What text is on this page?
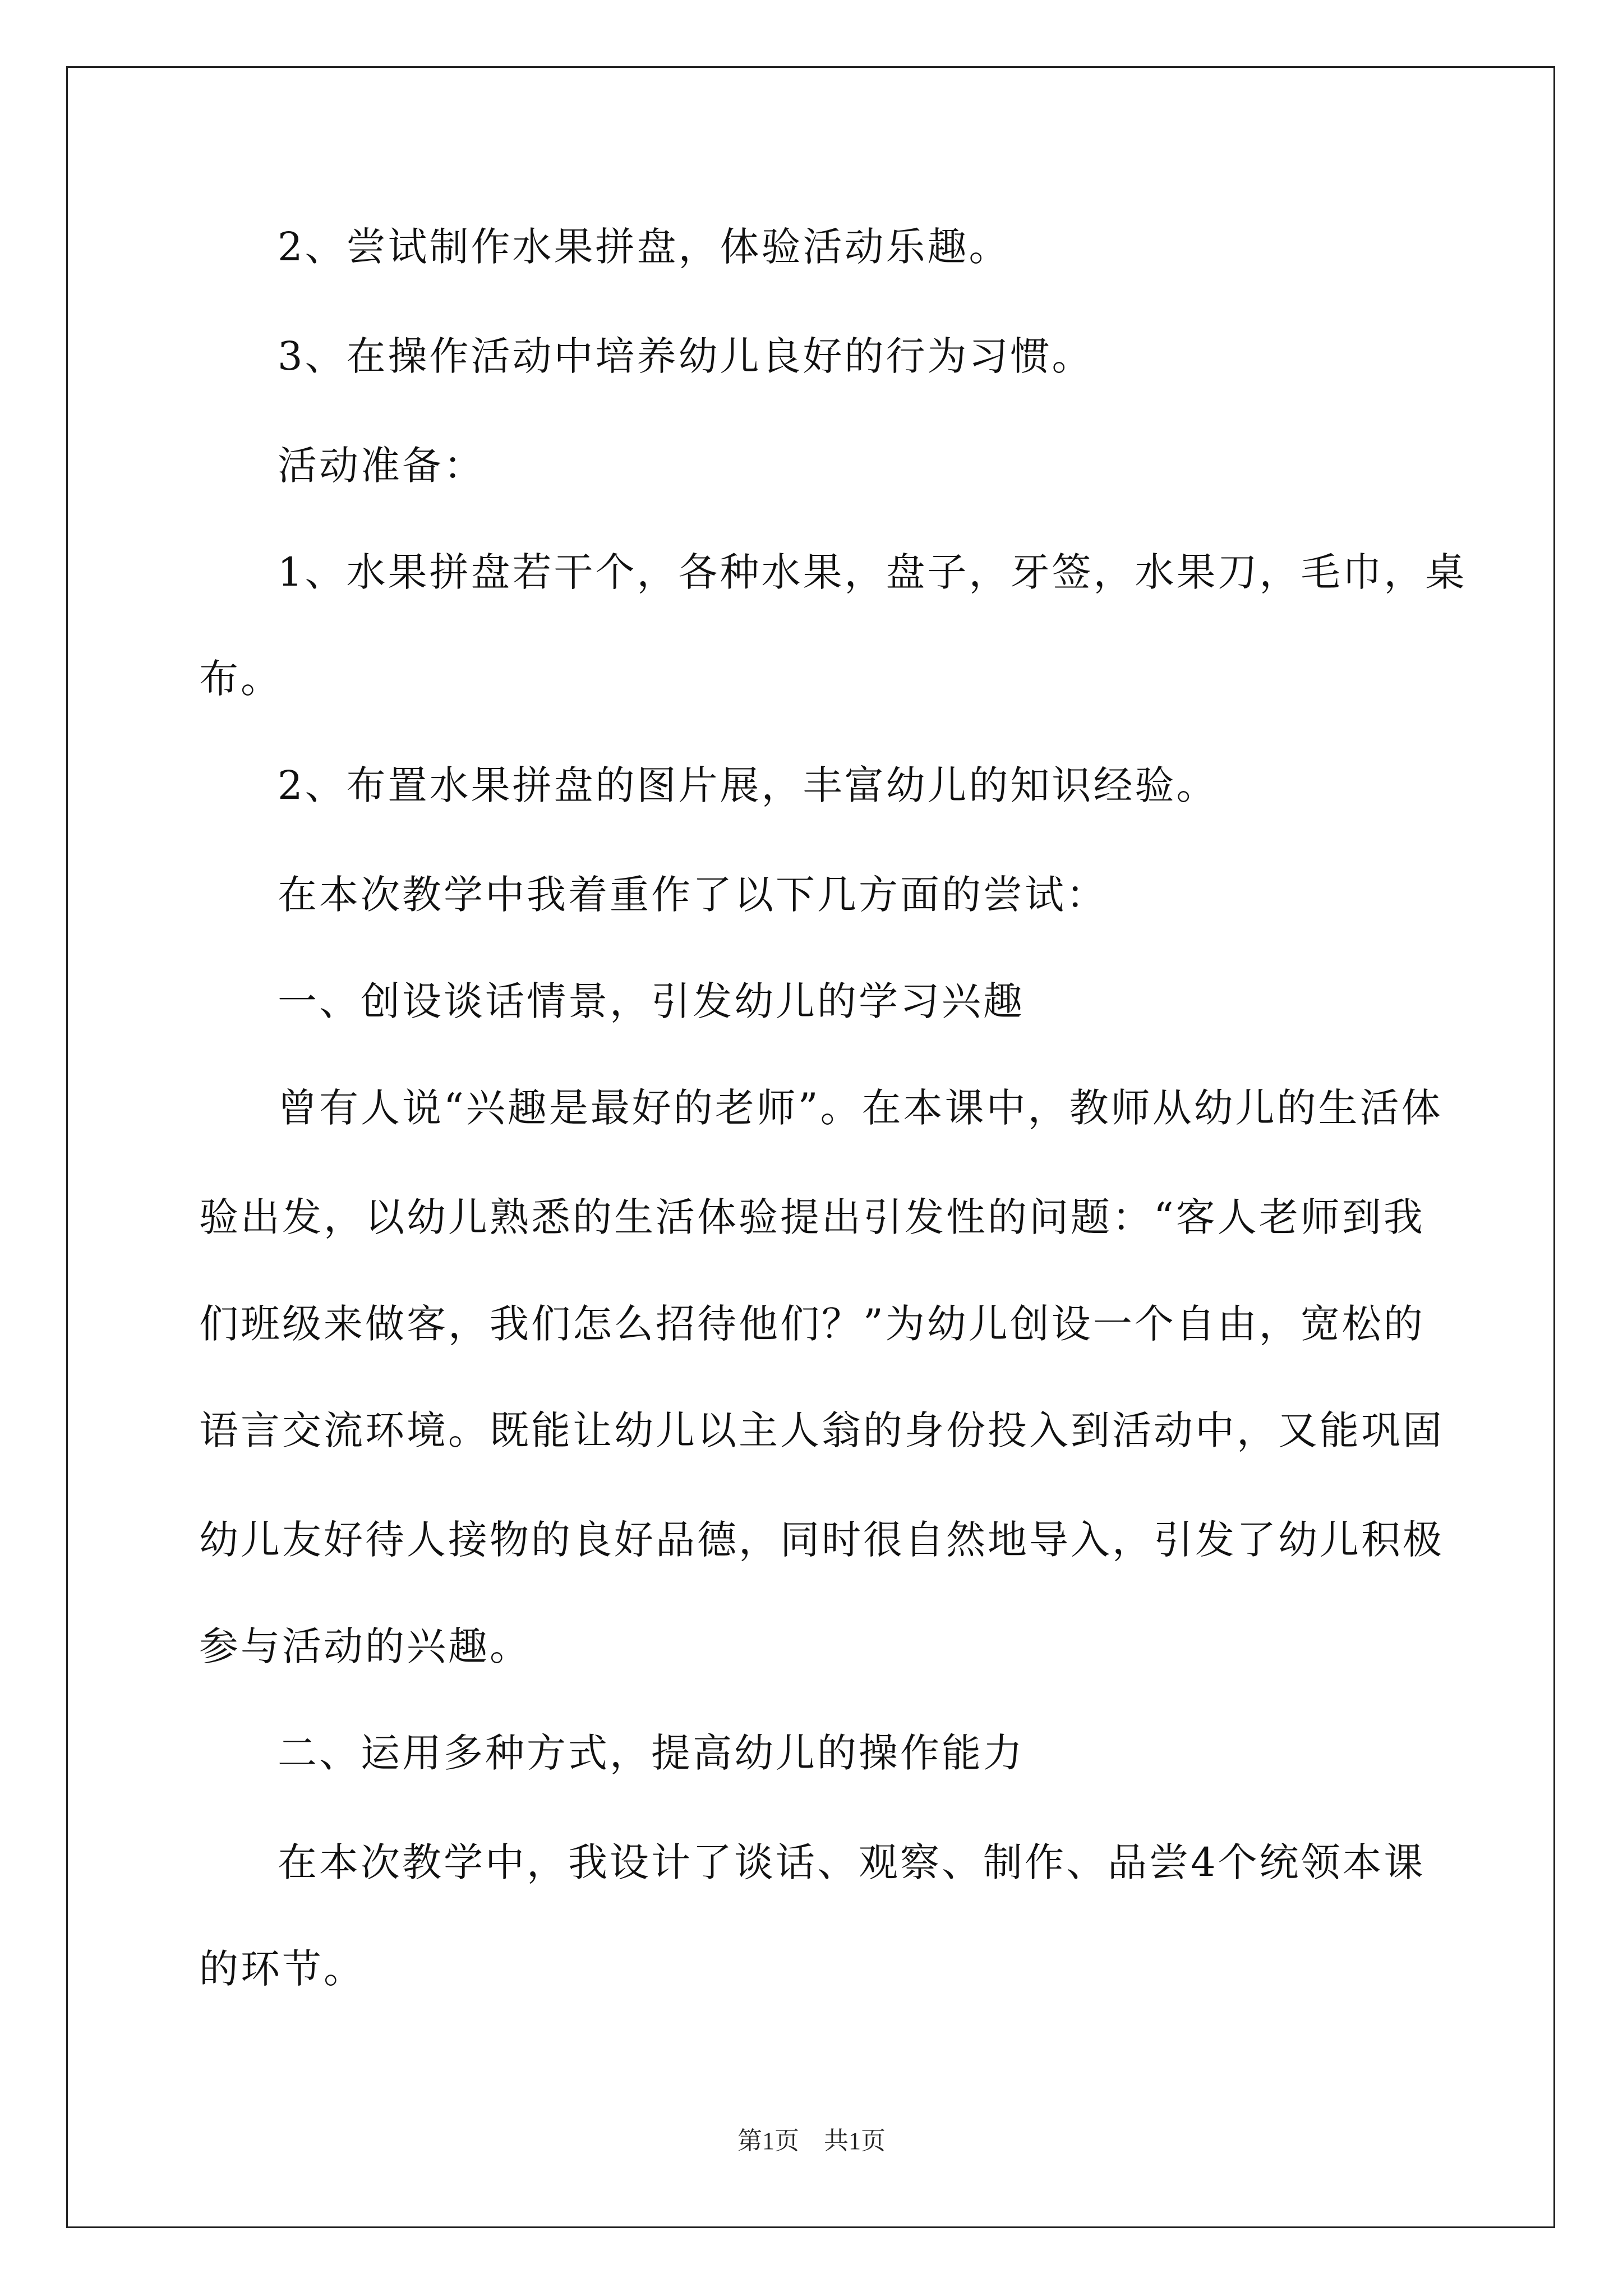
2、尝试制作水果拼盘，体验活动乐趣。
3、在操作活动中培养幼儿良好的行为习惯。
活动准备：
1、水果拼盘若干个，各种水果，盘子，牙签，水果刀，毛巾，桌
布。
2、布置水果拼盘的图片展，丰富幼儿的知识经验。
在本次教学中我着重作了以下几方面的尝试：
一、创设谈话情景，引发幼儿的学习兴趣
曾有人说“兴趣是最好的老师”。在本课中，教师从幼儿的生活体
验出发，以幼儿熟悉的生活体验提出引发性的问题：“客人老师到我
们班级来做客，我们怎么招待他们？”为幼儿创设一个自由，宽松的
语言交流环境。既能让幼儿以主人翁的身份投入到活动中，又能巩固
幼儿友好待人接物的良好品德，同时很自然地导入，引发了幼儿积极
参与活动的兴趣。
二、运用多种方式，提高幼儿的操作能力
在本次教学中，我设计了谈话、观察、制作、品尝4个统领本课
的环节。
第1页　共1页
